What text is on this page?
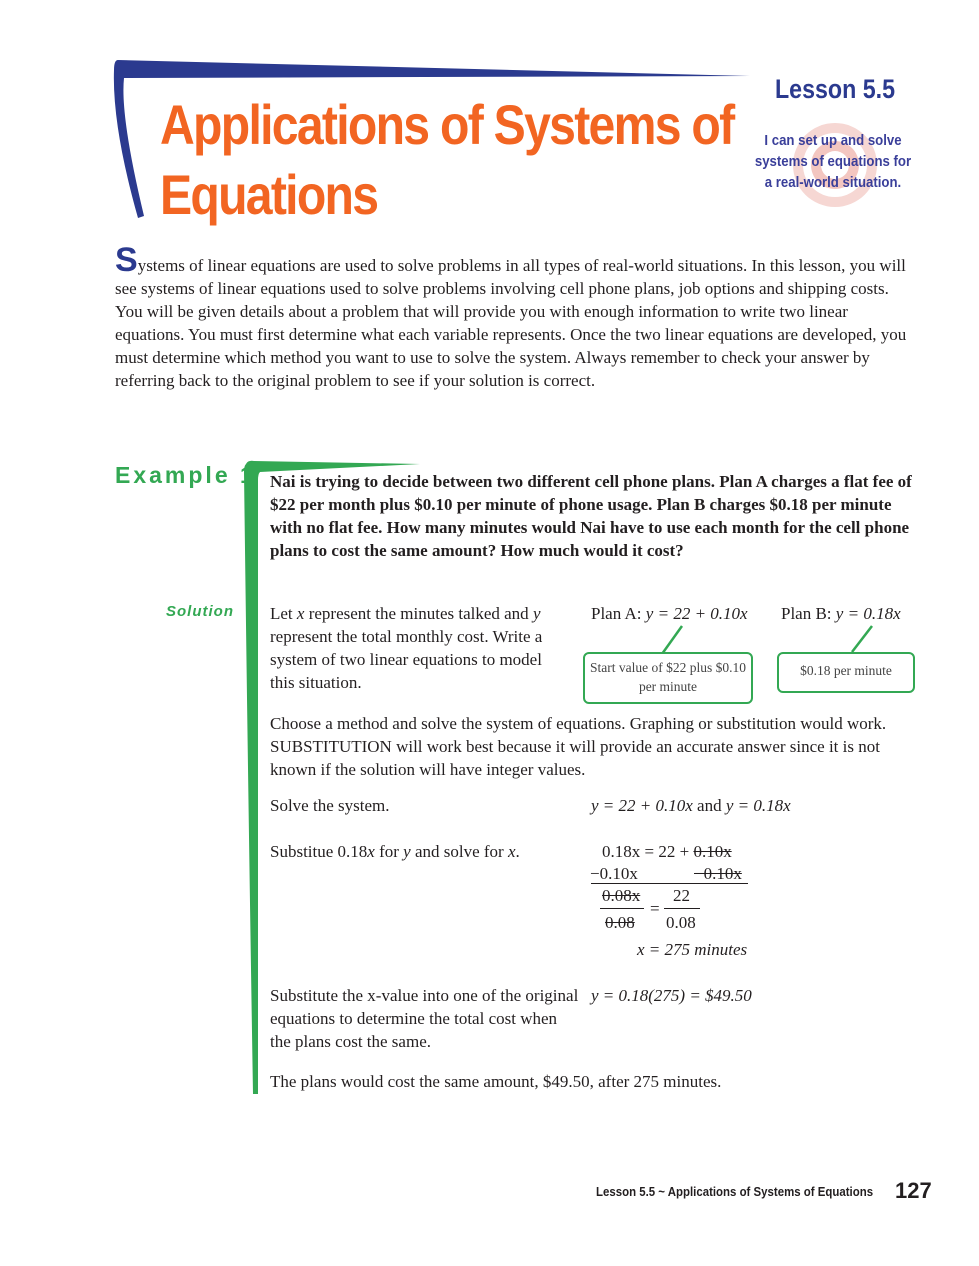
Applications of Systems of Equations
Lesson 5.5
I can set up and solve systems of equations for a real-world situation.
Systems of linear equations are used to solve problems in all types of real-world situations. In this lesson, you will see systems of linear equations used to solve problems involving cell phone plans, job options and shipping costs. You will be given details about a problem that will provide you with enough information to write two linear equations. You must first determine what each variable represents. Once the two linear equations are developed, you must determine which method you want to use to solve the system. Always remember to check your answer by referring back to the original problem to see if your solution is correct.
Example 1 Nai is trying to decide between two different cell phone plans. Plan A charges a flat fee of $22 per month plus $0.10 per minute of phone usage. Plan B charges $0.18 per minute with no flat fee. How many minutes would Nai have to use each month for the cell phone plans to cost the same amount? How much would it cost?
Solution Let x represent the minutes talked and y represent the total monthly cost. Write a system of two linear equations to model this situation.
Plan A: y = 22 + 0.10x Plan B: y = 0.18x
Start value of $22 plus $0.10 per minute
$0.18 per minute
Choose a method and solve the system of equations. Graphing or substitution would work. SUBSTITUTION will work best because it will provide an accurate answer since it is not known if the solution will have integer values.
Solve the system.	y = 22 + 0.10x and y = 0.18x
Substitue 0.18x for y and solve for x.	0.18x = 22 + 0.10x
−0.10x	−0.10x
0.08x
=
22
0.08 0.08
x = 275 minutes
Substitute the x-value into one of the original equations to determine the total cost when the plans cost the same.
y = 0.18(275) = $49.50
The plans would cost the same amount, $49.50, after 275 minutes.
Lesson 5.5 ~ Applications of Systems of Equations 127
